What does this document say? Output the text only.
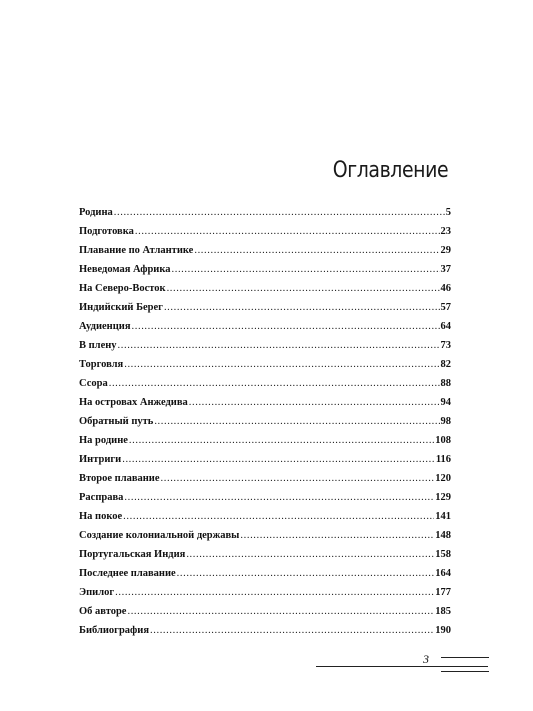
Оглавление
Родина .....	5
Подготовка .....	23
Плавание по Атлантике .....	29
Неведомая Африка .....	37
На Северо-Восток .....	46
Индийский Берег .....	57
Аудиенция .....	64
В плену .....	73
Торговля .....	82
Ссора .....	88
На островах Анжедива .....	94
Обратный путь .....	98
На родине .....	108
Интриги .....	116
Второе плавание .....	120
Расправа .....	129
На покое .....	141
Создание колониальной державы .....	148
Португальская Индия .....	158
Последнее плавание .....	164
Эпилог .....	177
Об авторе .....	185
Библиография .....	190
3
